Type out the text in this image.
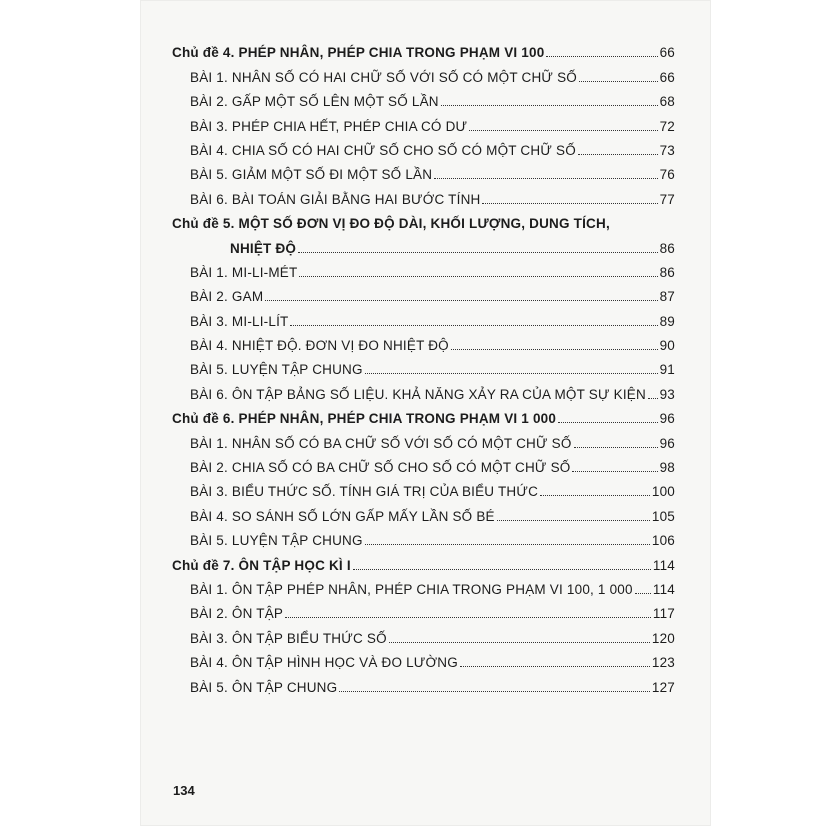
Chủ đề 4. PHÉP NHÂN, PHÉP CHIA TRONG PHẠM VI 100	66
BÀI 1. NHÂN SỐ CÓ HAI CHỮ SỐ VỚI SỐ CÓ MỘT CHỮ SỐ	66
BÀI 2. GẤP MỘT SỐ LÊN MỘT SỐ LẦN	68
BÀI 3. PHÉP CHIA HẾT, PHÉP CHIA CÓ DƯ	72
BÀI 4. CHIA SỐ CÓ HAI CHỮ SỐ CHO SỐ CÓ MỘT CHỮ SỐ	73
BÀI 5. GIẢM MỘT SỐ ĐI MỘT SỐ LẦN	76
BÀI 6. BÀI TOÁN GIẢI BẰNG HAI BƯỚC TÍNH	77
Chủ đề 5. MỘT SỐ ĐƠN VỊ ĐO ĐỘ DÀI, KHỐI LƯỢNG, DUNG TÍCH,
NHIỆT ĐỘ	86
BÀI 1. MI-LI-MÉT	86
BÀI 2. GAM	87
BÀI 3. MI-LI-LÍT	89
BÀI 4. NHIỆT ĐỘ. ĐƠN VỊ ĐO NHIỆT ĐỘ	90
BÀI 5. LUYỆN TẬP CHUNG	91
BÀI 6. ÔN TẬP BẢNG SỐ LIỆU. KHẢ NĂNG XẢY RA CỦA MỘT SỰ KIỆN 93
Chủ đề 6. PHÉP NHÂN, PHÉP CHIA TRONG PHẠM VI 1 000	96
BÀI 1. NHÂN SỐ CÓ BA CHỮ SỐ VỚI SỐ CÓ MỘT CHỮ SỐ	96
BÀI 2. CHIA SỐ CÓ BA CHỮ SỐ CHO SỐ CÓ MỘT CHỮ SỐ	98
BÀI 3. BIỂU THỨC SỐ. TÍNH GIÁ TRỊ CỦA BIỂU THỨC	100
BÀI 4. SO SÁNH SỐ LỚN GẤP MẤY LẦN SỐ BÉ	105
BÀI 5. LUYỆN TẬP CHUNG	106
Chủ đề 7. ÔN TẬP HỌC KÌ I	114
BÀI 1. ÔN TẬP PHÉP NHÂN, PHÉP CHIA TRONG PHẠM VI 100, 1 000 114
BÀI 2. ÔN TẬP	117
BÀI 3. ÔN TẬP BIỂU THỨC SỐ	120
BÀI 4. ÔN TẬP HÌNH HỌC VÀ ĐO LƯỜNG	123
BÀI 5. ÔN TẬP CHUNG	127
134
